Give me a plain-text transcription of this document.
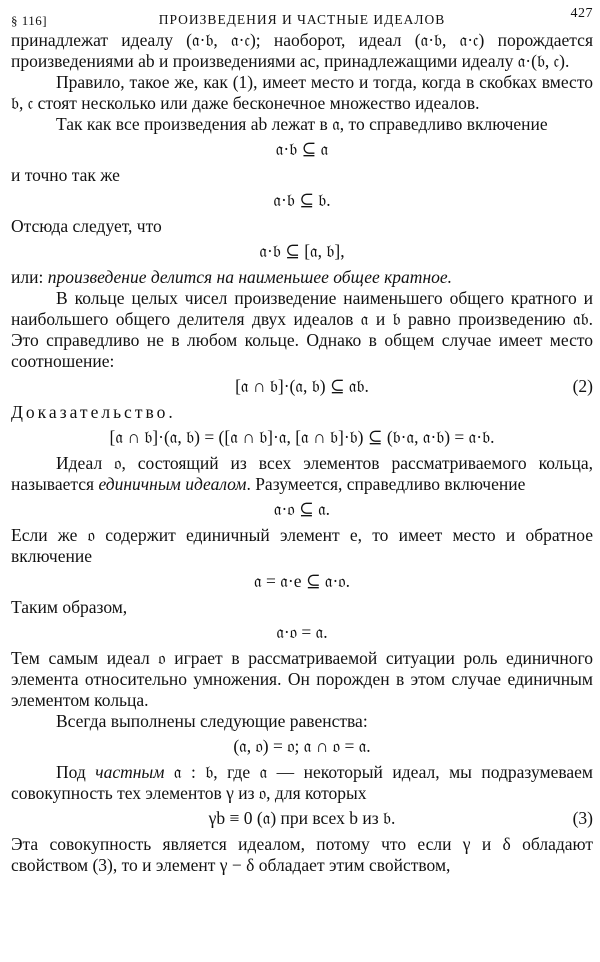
§ 116]	ПРОИЗВЕДЕНИЯ И ЧАСТНЫЕ ИДЕАЛОВ	427

принадлежат идеалу (𝔞·𝔟, 𝔞·𝔠); наоборот, идеал (𝔞·𝔟, 𝔞·𝔠) порождается произведениями ab и произведениями ac, принадлежащими идеалу 𝔞·(𝔟, 𝔠).

Правило, такое же, как (1), имеет место и тогда, когда в скобках вместо 𝔟, 𝔠 стоят несколько или даже бесконечное множество идеалов.

Так как все произведения ab лежат в 𝔞, то справедливо включение

𝔞·𝔟 ⊆ 𝔞

и точно так же

𝔞·𝔟 ⊆ 𝔟.

Отсюда следует, что

𝔞·𝔟 ⊆ [𝔞, 𝔟],

или: произведение делится на наименьшее общее кратное.

В кольце целых чисел произведение наименьшего общего кратного и наибольшего общего делителя двух идеалов 𝔞 и 𝔟 равно произведению 𝔞𝔟. Это справедливо не в любом кольце. Однако в общем случае имеет место соотношение:

[𝔞 ∩ 𝔟]·(𝔞, 𝔟) ⊆ 𝔞𝔟.	(2)

Доказательство.

[𝔞 ∩ 𝔟]·(𝔞, 𝔟) = ([𝔞 ∩ 𝔟]·𝔞, [𝔞 ∩ 𝔟]·𝔟) ⊆ (𝔟·𝔞, 𝔞·𝔟) = 𝔞·𝔟.

Идеал 𝔬, состоящий из всех элементов рассматриваемого кольца, называется единичным идеалом. Разумеется, справедливо включение

𝔞·𝔬 ⊆ 𝔞.

Если же 𝔬 содержит единичный элемент e, то имеет место и обратное включение

𝔞 = 𝔞·e ⊆ 𝔞·𝔬.

Таким образом,

𝔞·𝔬 = 𝔞.

Тем самым идеал 𝔬 играет в рассматриваемой ситуации роль единичного элемента относительно умножения. Он порожден в этом случае единичным элементом кольца.

Всегда выполнены следующие равенства:

(𝔞, 𝔬) = 𝔬; 𝔞 ∩ 𝔬 = 𝔞.

Под частным 𝔞 : 𝔟, где 𝔞 — некоторый идеал, мы подразумеваем совокупность тех элементов γ из 𝔬, для которых

γb ≡ 0 (𝔞) при всех b из 𝔟.	(3)

Эта совокупность является идеалом, потому что если γ и δ обладают свойством (3), то и элемент γ − δ обладает этим свойством,
